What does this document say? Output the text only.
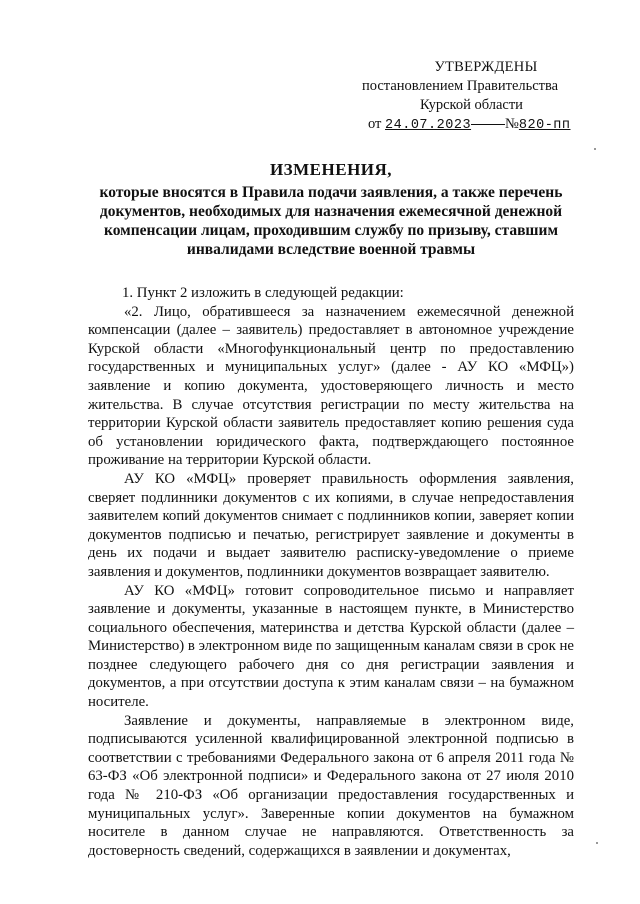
УТВЕРЖДЕНЫ
постановлением Правительства
Курской области
от 24.07.2023 №820-пп
ИЗМЕНЕНИЯ,
которые вносятся в Правила подачи заявления, а также перечень документов, необходимых для назначения ежемесячной денежной компенсации лицам, проходившим службу по призыву, ставшим инвалидами вследствие военной травмы

1. Пункт 2 изложить в следующей редакции:

«2. Лицо, обратившееся за назначением ежемесячной денежной компенсации (далее – заявитель) предоставляет в автономное учреждение Курской области «Многофункциональный центр по предоставлению государственных и муниципальных услуг» (далее - АУ КО «МФЦ») заявление и копию документа, удостоверяющего личность и место жительства. В случае отсутствия регистрации по месту жительства на территории Курской области заявитель предоставляет копию решения суда об установлении юридического факта, подтверждающего постоянное проживание на территории Курской области.

АУ КО «МФЦ» проверяет правильность оформления заявления, сверяет подлинники документов с их копиями, в случае непредоставления заявителем копий документов снимает с подлинников копии, заверяет копии документов подписью и печатью, регистрирует заявление и документы в день их подачи и выдает заявителю расписку-уведомление о приеме заявления и документов, подлинники документов возвращает заявителю.

АУ КО «МФЦ» готовит сопроводительное письмо и направляет заявление и документы, указанные в настоящем пункте, в Министерство социального обеспечения, материнства и детства Курской области (далее – Министерство) в электронном виде по защищенным каналам связи в срок не позднее следующего рабочего дня со дня регистрации заявления и документов, а при отсутствии доступа к этим каналам связи – на бумажном носителе.

Заявление и документы, направляемые в электронном виде, подписываются усиленной квалифицированной электронной подписью в соответствии с требованиями Федерального закона от 6 апреля 2011 года № 63-ФЗ «Об электронной подписи» и Федерального закона от 27 июля 2010 года № 210-ФЗ «Об организации предоставления государственных и муниципальных услуг». Заверенные копии документов на бумажном носителе в данном случае не направляются. Ответственность за достоверность сведений, содержащихся в заявлении и документах,
